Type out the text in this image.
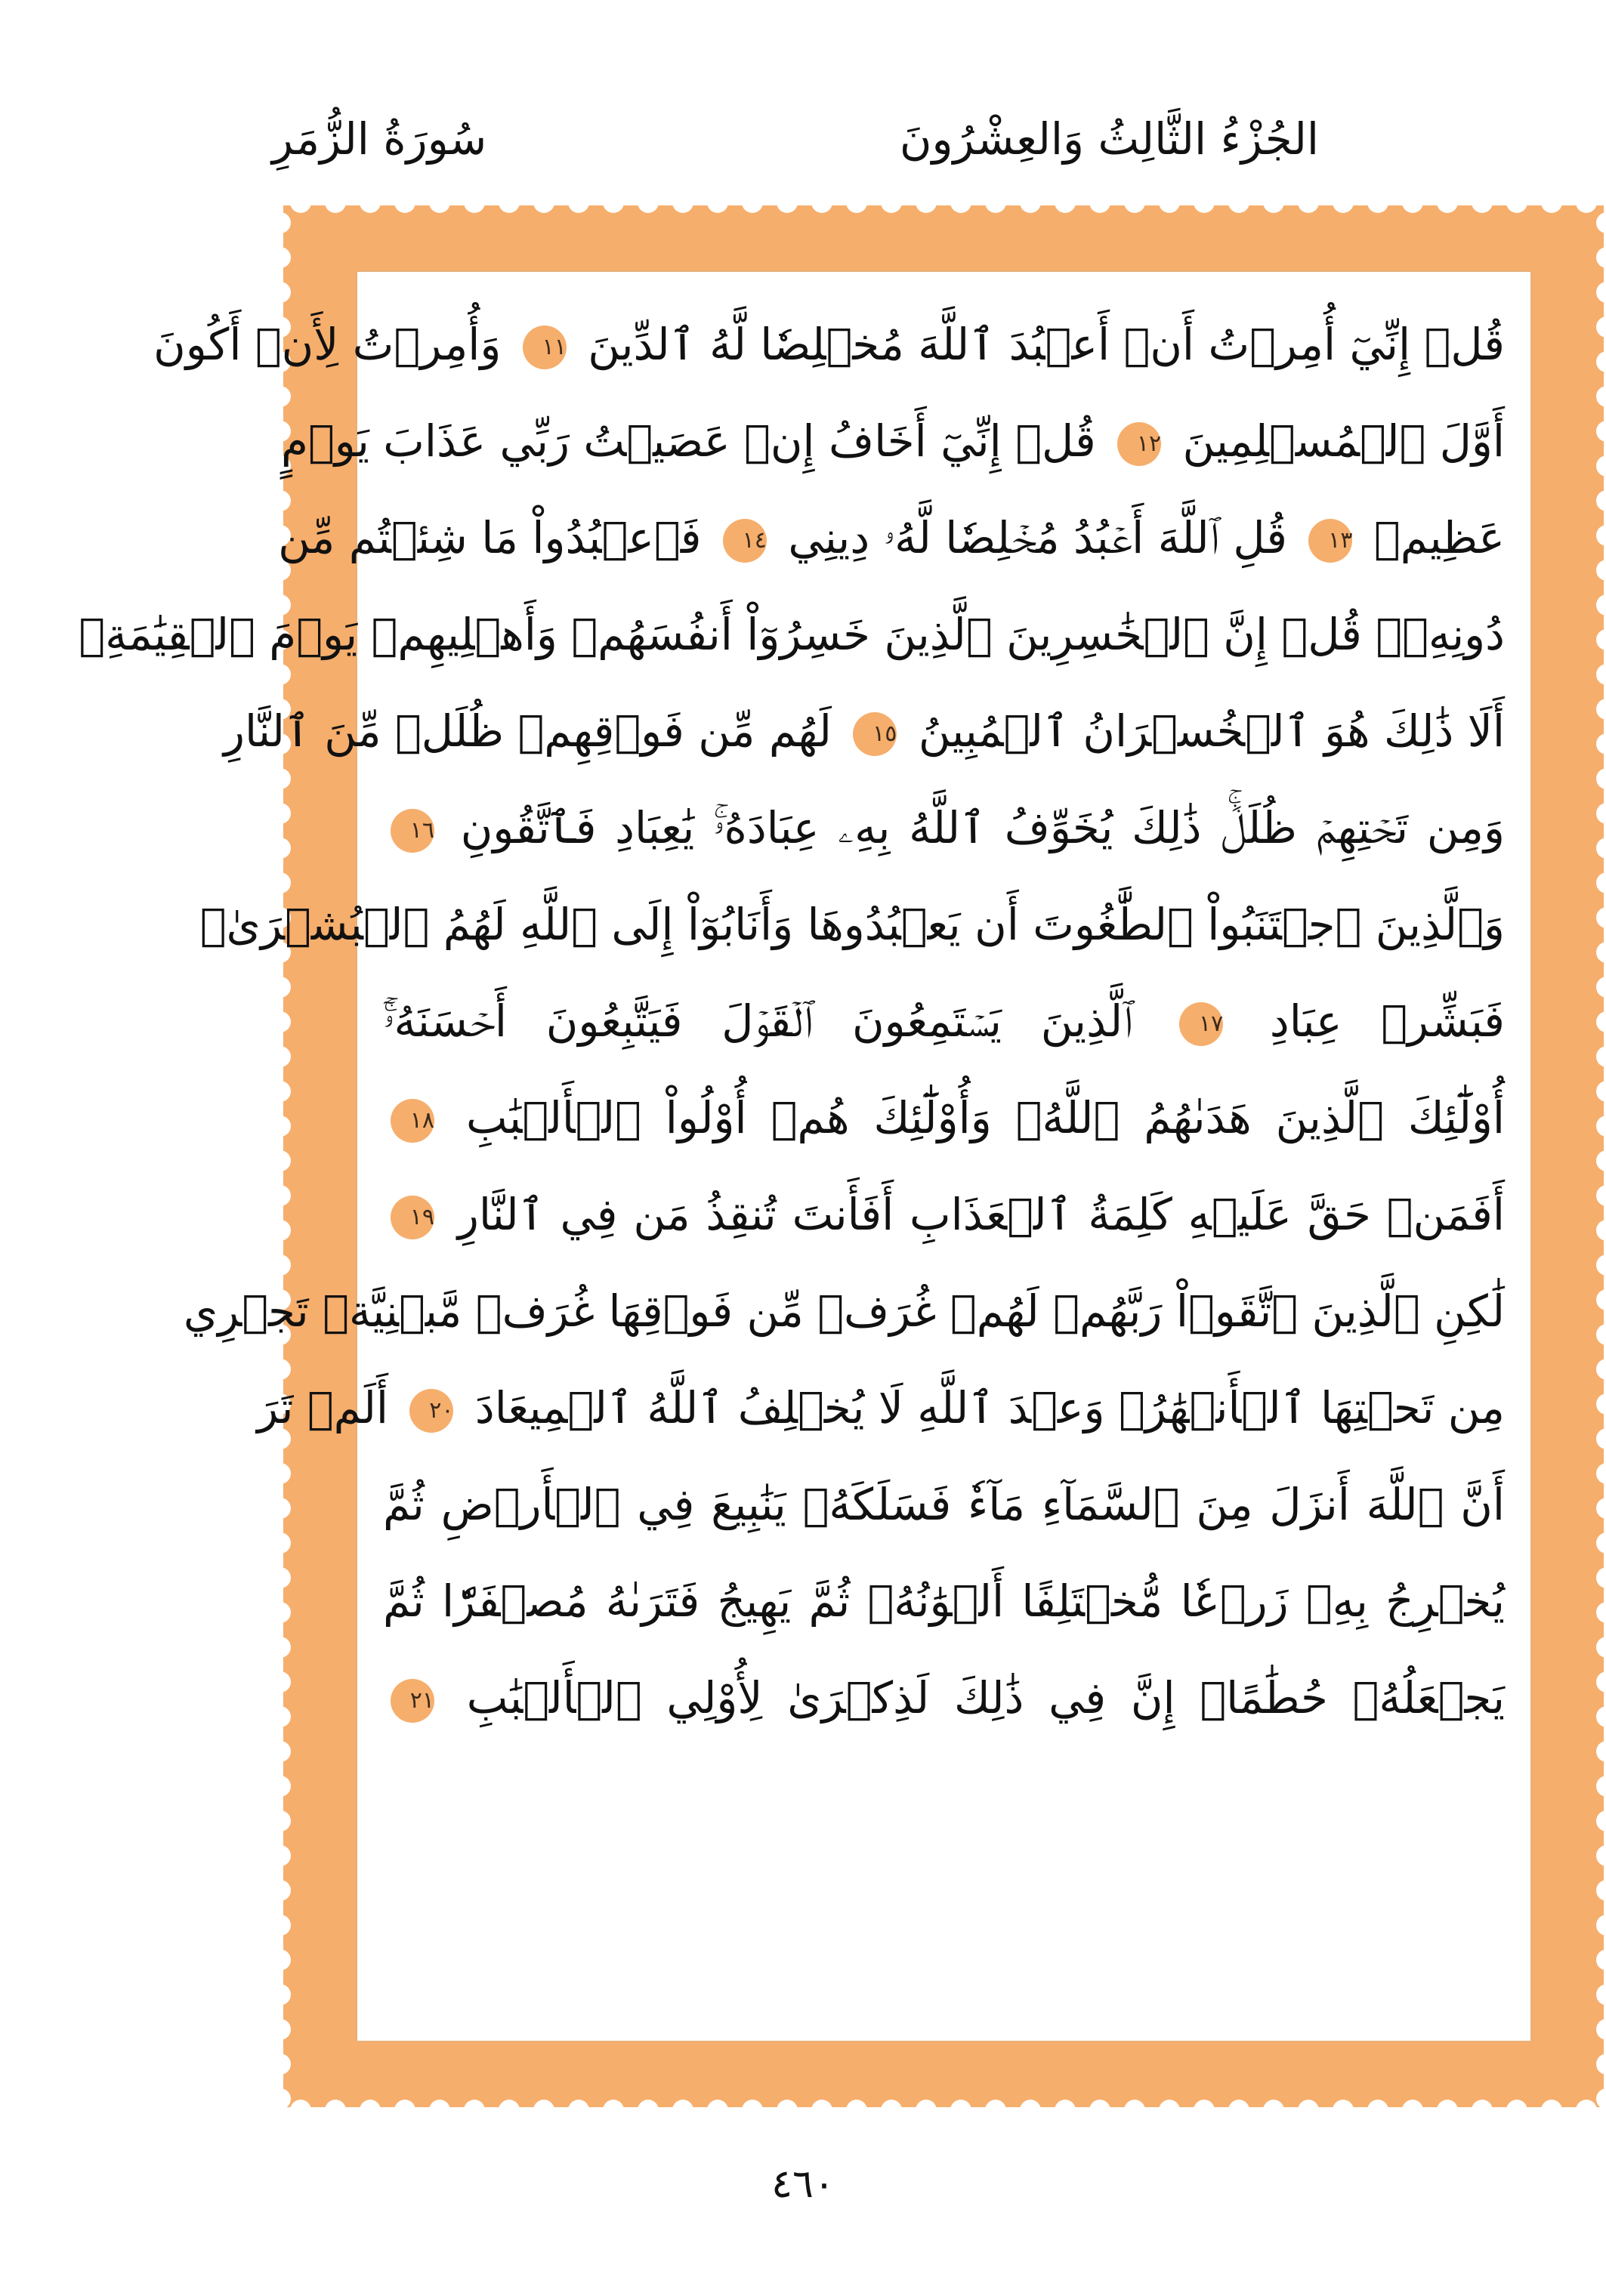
سُورَةُ الزُّمَرِ	الجُزْءُ الثَّالِثُ وَالعِشْرُونَ
قُلۡ إِنِّيٓ أُمِرۡتُ أَنۡ أَعۡبُدَ ٱللَّهَ مُخۡلِصٗا لَّهُ ٱلدِّينَ ١١ وَأُمِرۡتُ لِأَنۡ أَكُونَ
أَوَّلَ ٱلۡمُسۡلِمِينَ ١٢ قُلۡ إِنِّيٓ أَخَافُ إِنۡ عَصَيۡتُ رَبِّي عَذَابَ يَوۡمٍ
عَظِيمٖ ١٣ قُلِ ٱللَّهَ أَعۡبُدُ مُخۡلِصٗا لَّهُۥ دِينِي ١٤ فَٱعۡبُدُواْ مَا شِئۡتُم مِّن
دُونِهِۦۗ قُلۡ إِنَّ ٱلۡخَٰسِرِينَ ٱلَّذِينَ خَسِرُوٓاْ أَنفُسَهُمۡ وَأَهۡلِيهِمۡ يَوۡمَ ٱلۡقِيَٰمَةِۗ
أَلَا ذَٰلِكَ هُوَ ٱلۡخُسۡرَانُ ٱلۡمُبِينُ ١٥ لَهُم مِّن فَوۡقِهِمۡ ظُلَلٞ مِّنَ ٱلنَّارِ
وَمِن تَحۡتِهِمۡ ظُلَلٞۚ ذَٰلِكَ يُخَوِّفُ ٱللَّهُ بِهِۦ عِبَادَهُۥۚ يَٰعِبَادِ فَٱتَّقُونِ ١٦
وَٱلَّذِينَ ٱجۡتَنَبُواْ ٱلطَّٰغُوتَ أَن يَعۡبُدُوهَا وَأَنَابُوٓاْ إِلَى ٱللَّهِ لَهُمُ ٱلۡبُشۡرَىٰۚ
فَبَشِّرۡ عِبَادِ ١٧ ٱلَّذِينَ يَسۡتَمِعُونَ ٱلۡقَوۡلَ فَيَتَّبِعُونَ أَحۡسَنَهُۥٓۚ
أُوْلَٰٓئِكَ ٱلَّذِينَ هَدَىٰهُمُ ٱللَّهُۖ وَأُوْلَٰٓئِكَ هُمۡ أُوْلُواْ ٱلۡأَلۡبَٰبِ ١٨
أَفَمَنۡ حَقَّ عَلَيۡهِ كَلِمَةُ ٱلۡعَذَابِ أَفَأَنتَ تُنقِذُ مَن فِي ٱلنَّارِ ١٩
لَٰكِنِ ٱلَّذِينَ ٱتَّقَوۡاْ رَبَّهُمۡ لَهُمۡ غُرَفٞ مِّن فَوۡقِهَا غُرَفٞ مَّبۡنِيَّةٞ تَجۡرِي
مِن تَحۡتِهَا ٱلۡأَنۡهَٰرُۖ وَعۡدَ ٱللَّهِ لَا يُخۡلِفُ ٱللَّهُ ٱلۡمِيعَادَ ٢٠ أَلَمۡ تَرَ
أَنَّ ٱللَّهَ أَنزَلَ مِنَ ٱلسَّمَآءِ مَآءٗ فَسَلَكَهُۥ يَنَٰبِيعَ فِي ٱلۡأَرۡضِ ثُمَّ
يُخۡرِجُ بِهِۦ زَرۡعٗا مُّخۡتَلِفًا أَلۡوَٰنُهُۥ ثُمَّ يَهِيجُ فَتَرَىٰهُ مُصۡفَرّٗا ثُمَّ
يَجۡعَلُهُۥ حُطَٰمًاۚ إِنَّ فِي ذَٰلِكَ لَذِكۡرَىٰ لِأُوْلِي ٱلۡأَلۡبَٰبِ ٢١
٤٦٠
